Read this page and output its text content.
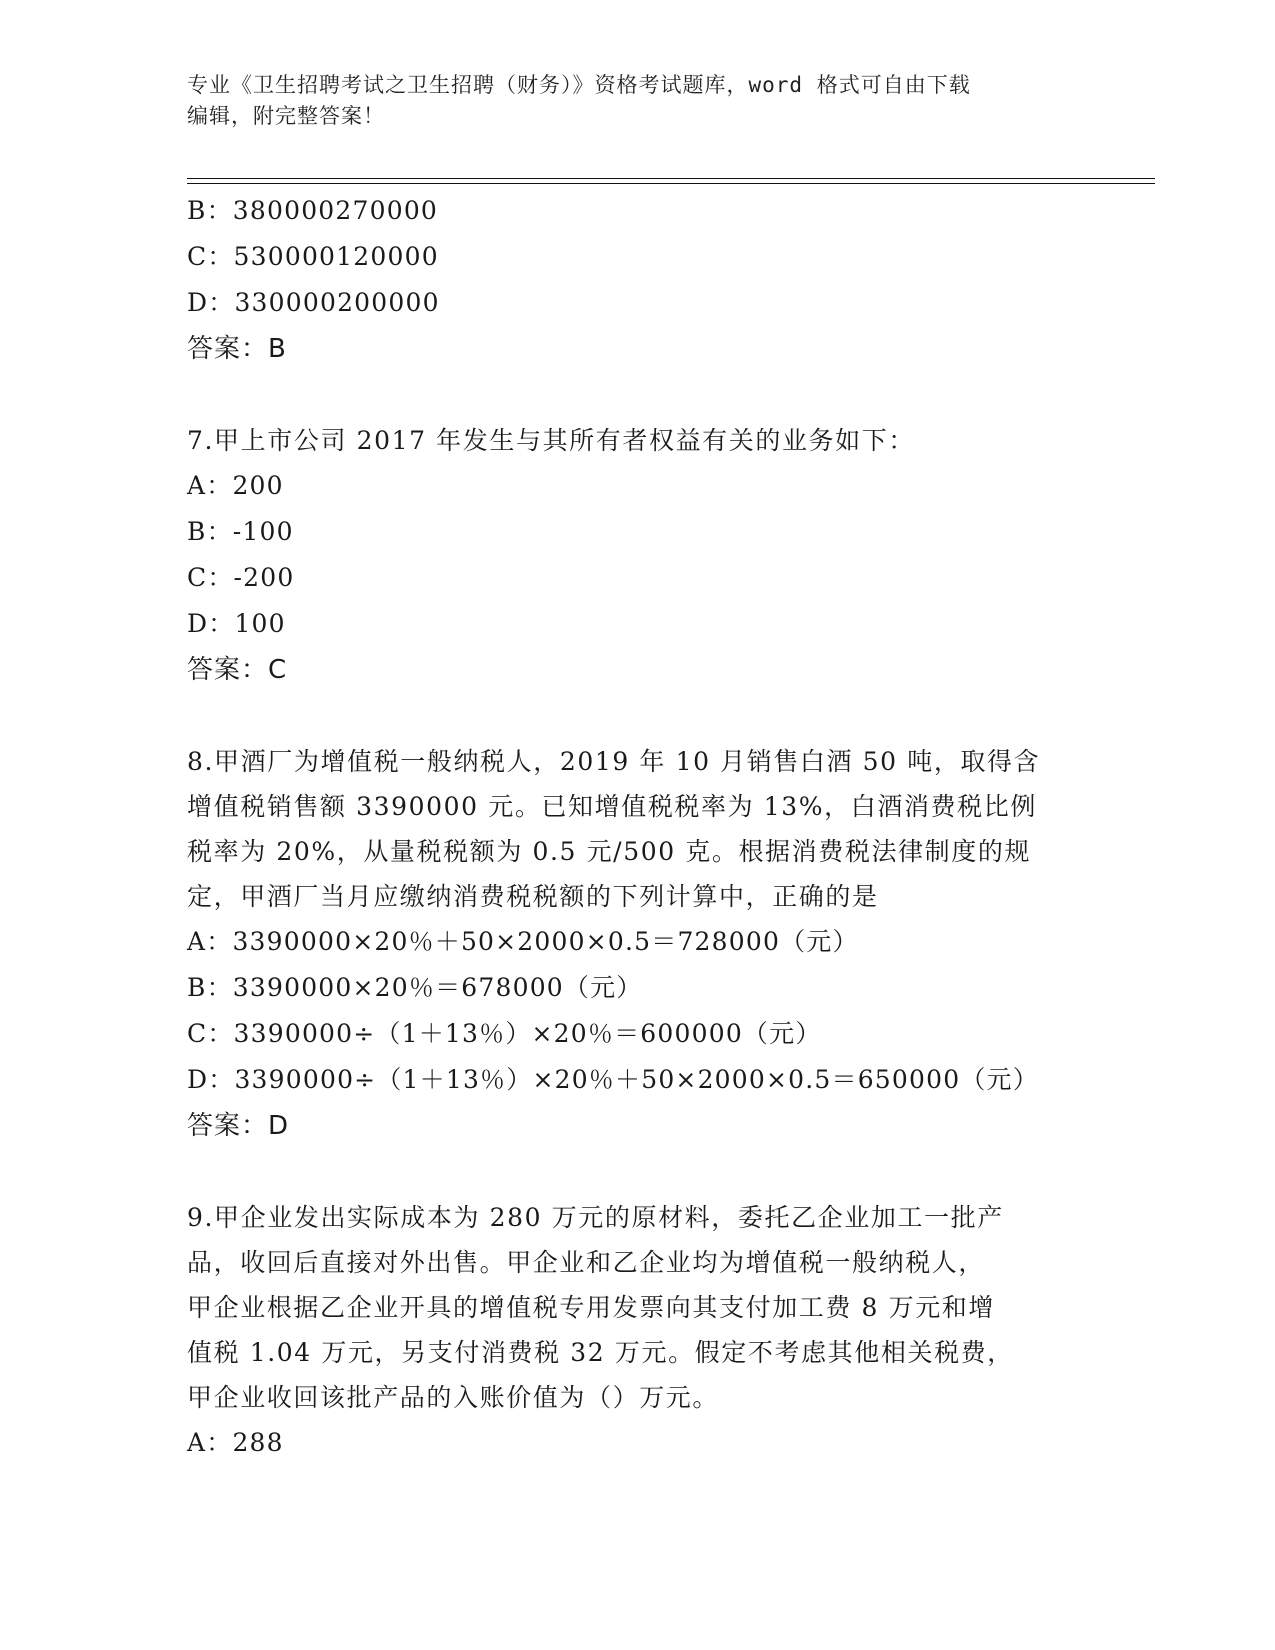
专业《卫生招聘考试之卫生招聘（财务）》资格考试题库，word 格式可自由下载
编辑，附完整答案！
B：380000270000
C：530000120000
D：330000200000
答案：B
7.甲上市公司 2017 年发生与其所有者权益有关的业务如下：
A：200
B：-100
C：-200
D：100
答案：C
8.甲酒厂为增值税一般纳税人，2019 年 10 月销售白酒 50 吨，取得含
增值税销售额 3390000 元。已知增值税税率为 13%，白酒消费税比例
税率为 20%，从量税税额为 0.5 元/500 克。根据消费税法律制度的规
定，甲酒厂当月应缴纳消费税税额的下列计算中，正确的是
A：3390000×20％＋50×2000×0.5＝728000（元）
B：3390000×20％＝678000（元）
C：3390000÷（1＋13％）×20％＝600000（元）
D：3390000÷（1＋13％）×20％＋50×2000×0.5＝650000（元）
答案：D
9.甲企业发出实际成本为 280 万元的原材料，委托乙企业加工一批产
品，收回后直接对外出售。甲企业和乙企业均为增值税一般纳税人，
甲企业根据乙企业开具的增值税专用发票向其支付加工费 8 万元和增
值税 1.04 万元，另支付消费税 32 万元。假定不考虑其他相关税费，
甲企业收回该批产品的入账价值为（）万元。
A：288
